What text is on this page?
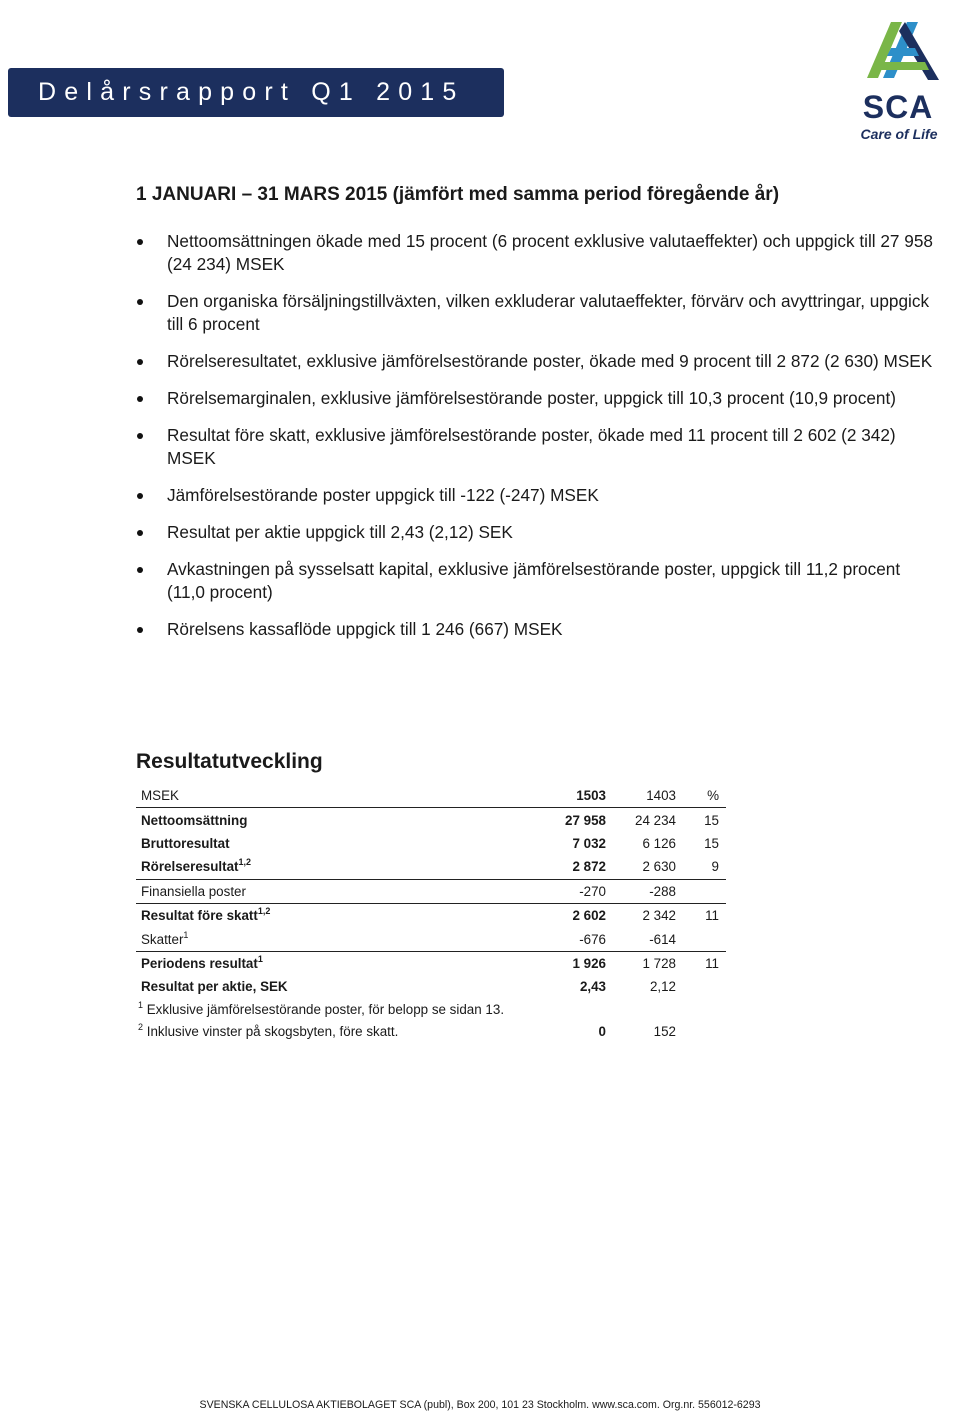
Delårsrapport Q1 2015	SCA
Care of Life
1 JANUARI – 31 MARS 2015 (jämfört med samma period föregående år)
Nettoomsättningen ökade med 15 procent (6 procent exklusive valutaeffekter) och uppgick till 27 958 (24 234) MSEK
Den organiska försäljningstillväxten, vilken exkluderar valutaeffekter, förvärv och avyttringar, uppgick till 6 procent
Rörelseresultatet, exklusive jämförelsestörande poster, ökade med 9 procent till 2 872 (2 630) MSEK
Rörelsemarginalen, exklusive jämförelsestörande poster, uppgick till 10,3 procent (10,9 procent)
Resultat före skatt, exklusive jämförelsestörande poster, ökade med 11 procent till 2 602 (2 342) MSEK
Jämförelsestörande poster uppgick till -122 (-247) MSEK
Resultat per aktie uppgick till 2,43 (2,12) SEK
Avkastningen på sysselsatt kapital, exklusive jämförelsestörande poster, uppgick till 11,2 procent (11,0 procent)
Rörelsens kassaflöde uppgick till 1 246 (667) MSEK
Resultatutveckling
MSEK	1503	1403	%
Nettoomsättning	27 958	24 234	15
Bruttoresultat	7 032	6 126	15
Rörelseresultat$^{1,2}$	2 872	2 630	9
Finansiella poster	-270	-288	
Resultat före skatt$^{1,2}$	2 602	2 342	11
Skatter$^1$	-676	-614	
Periodens resultat$^1$	1 926	1 728	11
Resultat per aktie, SEK	2,43	2,12	
$^1$ Exklusive jämförelsestörande poster, för belopp se sidan 13.			
$^2$ Inklusive vinster på skogsbyten, före skatt.	0	152	
SVENSKA CELLULOSA AKTIEBOLAGET SCA (publ), Box 200, 101 23 Stockholm. www.sca.com. Org.nr. 556012-6293
